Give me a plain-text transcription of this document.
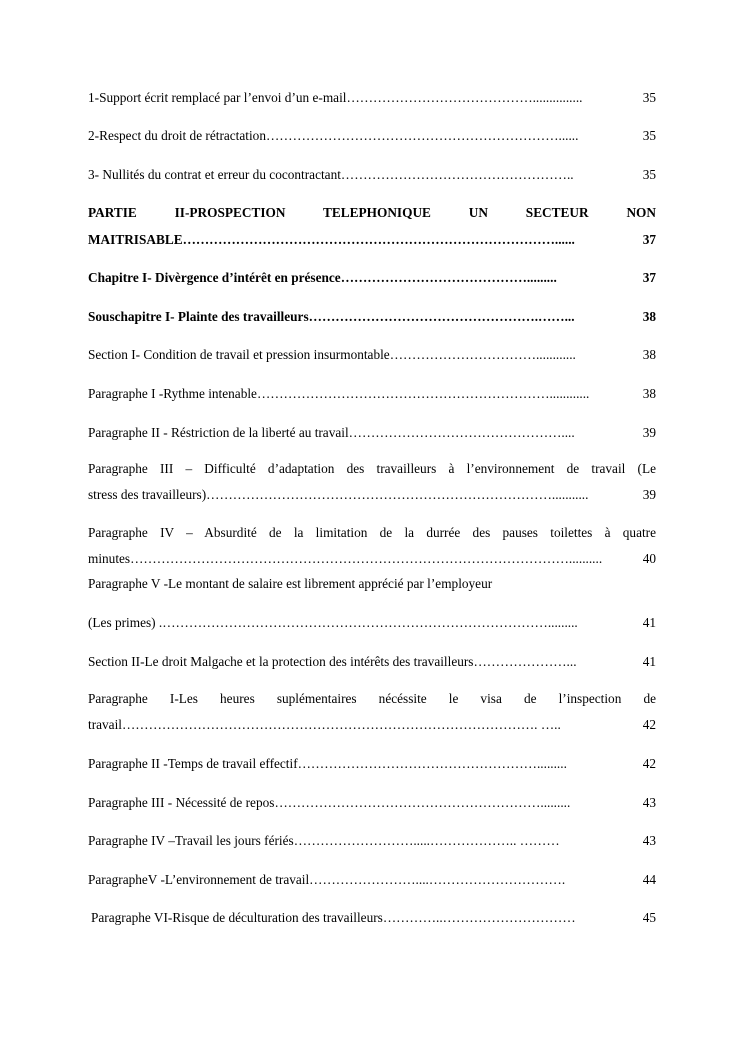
1-Support écrit remplacé par l’envoi d’un e-mail ……………………………………...............	35
2-Respect du droit de rétractation …………………………………………………………......	35
3- Nullités du contrat et erreur du cocontractant ……………………………………………..	35
PARTIE II-PROSPECTION TELEPHONIQUE UN SECTEUR NON
MAITRISABLE …………………………………………………………………………......	37
Chapitre I- Divèrgence d’intérêt en présence …………………………………….........	37
Souschapitre I- Plainte des travailleurs …………………………………………….……...	38
Section I- Condition de travail et pression insurmontable ……………………………............	38
Paragraphe I -Rythme intenable …………………………………………………………............	38
Paragraphe II - Réstriction de la liberté au travail …………………………………………....	39
Paragraphe III – Difficulté d’adaptation des travailleurs à l’environnement de travail (Le
stress des travailleurs) ……………………………………………………………………...........	39
Paragraphe IV – Absurdité de la limitation de la durrée des pauses toilettes à quatre
minutes ………………………………………………………………………………………..........	40
Paragraphe V -Le montant de salaire est librement apprécié par l’employeur
(Les primes) . …………………………………………………………………………….........	41
Section II-Le droit Malgache et la protection des intérêts des travailleurs …………………...	41
Paragraphe I-Les heures suplémentaires nécéssite le visa de l’inspection de
travail …………………………………………………………………………………. …..	42
Paragraphe II -Temps de travail effectif ……………………………………………….........	42
Paragraphe III - Nécessité de repos …………………………………………………….........	43
Paragraphe IV –Travail les jours fériés ……………………….....……………….. ………	43
ParagrapheV -L’environnement de travail ……………………....………………………….	44
Paragraphe VI-Risque de déculturation des travailleurs …………..…………………………	45
